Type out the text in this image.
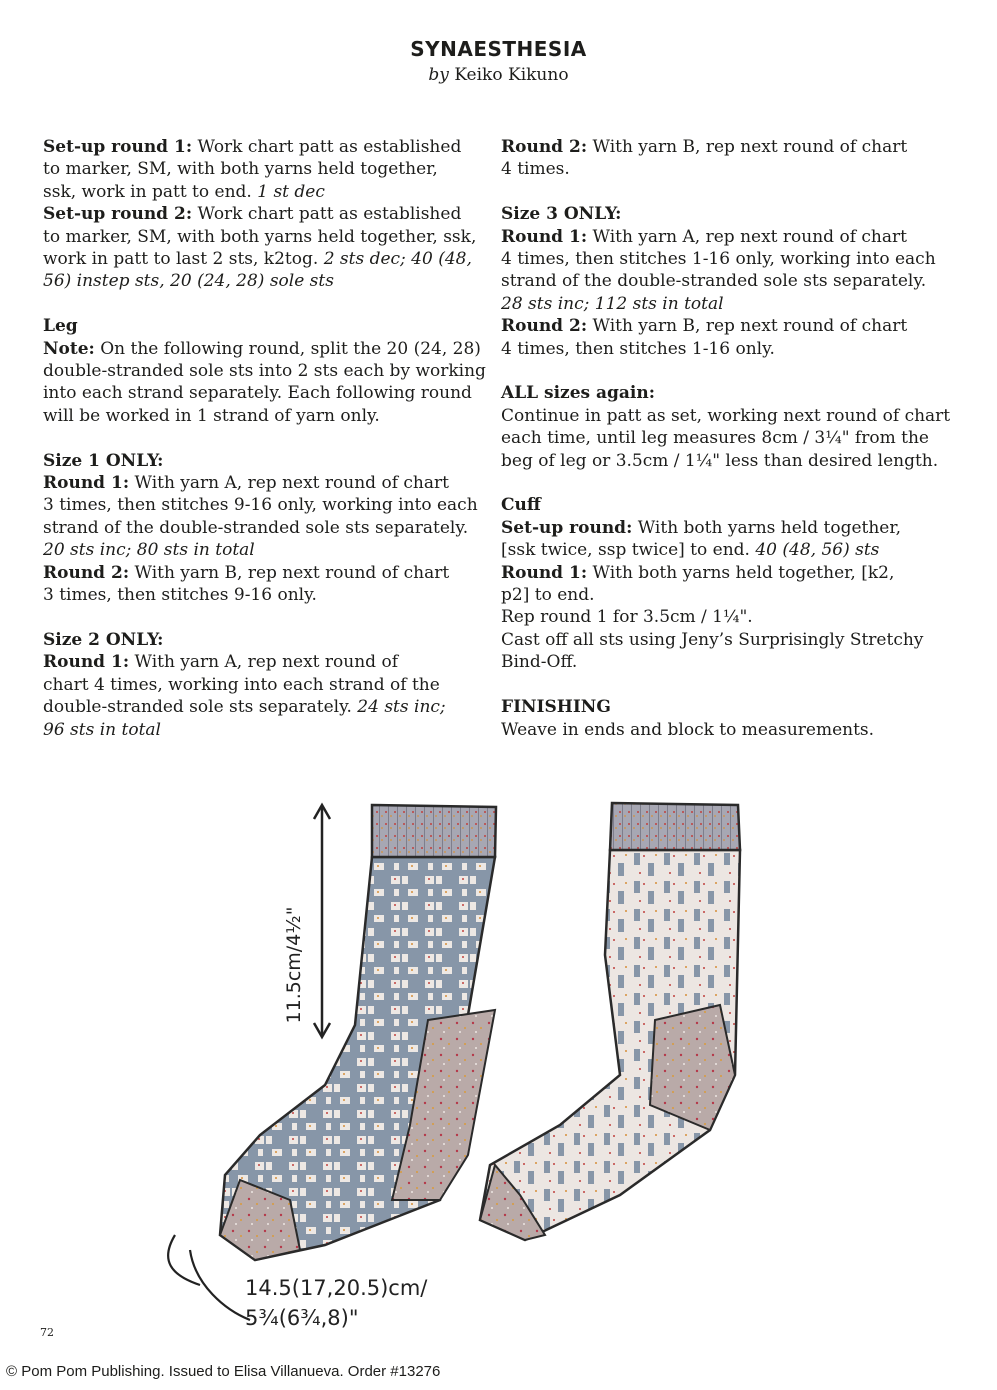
SYNAESTHESIA
by Keiko Kikuno
Set-up round 1: Work chart patt as established
to marker, SM, with both yarns held together,
ssk, work in patt to end. 1 st dec
Set-up round 2: Work chart patt as established
to marker, SM, with both yarns held together, ssk,
work in patt to last 2 sts, k2tog. 2 sts dec; 40 (48,
56) instep sts, 20 (24, 28) sole sts
Leg
Note: On the following round, split the 20 (24, 28)
double-stranded sole sts into 2 sts each by working
into each strand separately. Each following round
will be worked in 1 strand of yarn only.
Size 1 ONLY:
Round 1: With yarn A, rep next round of chart
3 times, then stitches 9-16 only, working into each
strand of the double-stranded sole sts separately.
20 sts inc; 80 sts in total
Round 2: With yarn B, rep next round of chart
3 times, then stitches 9-16 only.
Size 2 ONLY:
Round 1: With yarn A, rep next round of
chart 4 times, working into each strand of the
double-stranded sole sts separately. 24 sts inc;
96 sts in total
Round 2: With yarn B, rep next round of chart
4 times.
Size 3 ONLY:
Round 1: With yarn A, rep next round of chart
4 times, then stitches 1-16 only, working into each
strand of the double-stranded sole sts separately.
28 sts inc; 112 sts in total
Round 2: With yarn B, rep next round of chart
4 times, then stitches 1-16 only.
ALL sizes again:
Continue in patt as set, working next round of chart
each time, until leg measures 8cm / 3¼" from the
beg of leg or 3.5cm / 1¼" less than desired length.
Cuff
Set-up round: With both yarns held together,
[ssk twice, ssp twice] to end. 40 (48, 56) sts
Round 1: With both yarns held together, [k2,
p2] to end.
Rep round 1 for 3.5cm / 1¼".
Cast off all sts using Jeny’s Surprisingly Stretchy
Bind-Off.
FINISHING
Weave in ends and block to measurements.
11.5cm/4½"
14.5(17,20.5)cm/
5¾(6¾,8)"
72
© Pom Pom Publishing. Issued to Elisa Villanueva. Order #13276
